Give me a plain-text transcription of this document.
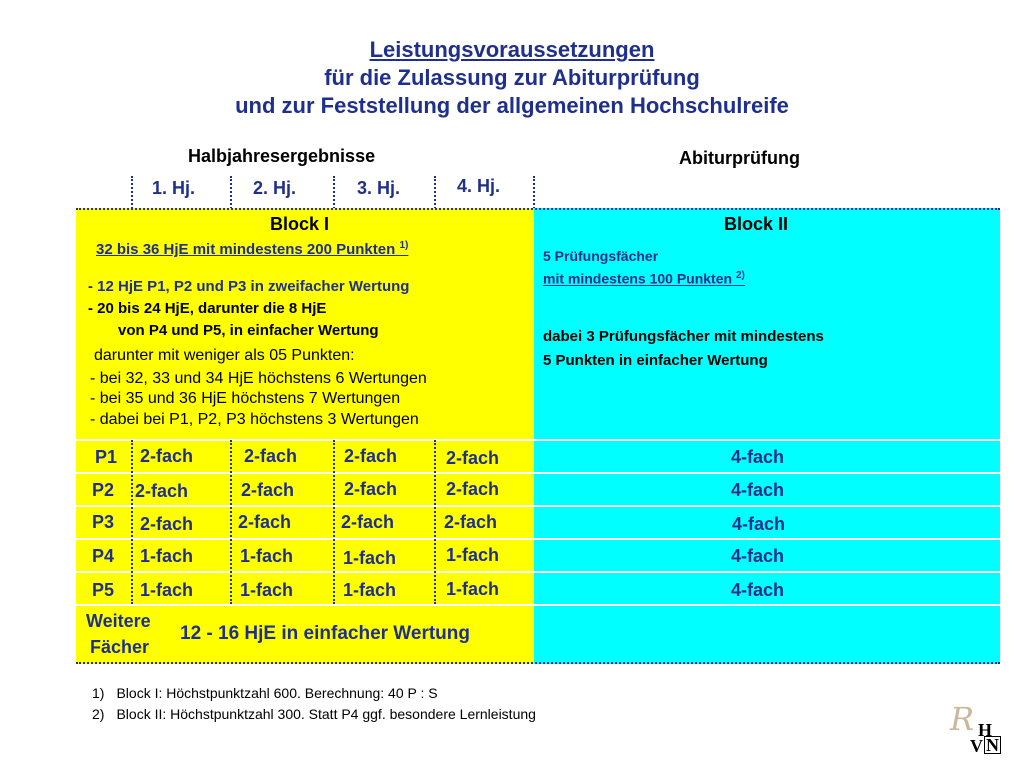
Leistungsvoraussetzungen
für die Zulassung zur Abiturprüfung
und zur Feststellung der allgemeinen Hochschulreife
Halbjahresergebnisse	Abiturprüfung
1. Hj.	2. Hj.	3. Hj.	4. Hj.
Block I
32 bis 36 HjE mit mindestens 200 Punkten $^{1)}$
- 12 HjE P1, P2 und P3 in zweifacher Wertung
- 20 bis 24 HjE, darunter die 8 HjE
von P4 und P5, in einfacher Wertung
darunter mit weniger als 05 Punkten:
- bei 32, 33 und 34 HjE höchstens 6 Wertungen
- bei 35 und 36 HjE höchstens 7 Wertungen
- dabei bei P1, P2, P3 höchstens 3 Wertungen
Block II
5 Prüfungsfächer
mit mindestens 100 Punkten $^{2)}$
dabei 3 Prüfungsfächer mit mindestens
5 Punkten in einfacher Wertung
P1 2-fach	2-fach	2-fach	2-fach	4-fach
P2 2-fach	2-fach	2-fach	2-fach	4-fach
P3 2-fach 2-fach	2-fach	2-fach	4-fach
P4 1-fach	1-fach	1-fach	1-fach	4-fach
P5 1-fach	1-fach	1-fach	1-fach	4-fach
Weitere
Fächer
12 - 16 HjE in einfacher Wertung
1) Block I: Höchstpunktzahl 600. Berechnung: 40 P : S
2) Block II: Höchstpunktzahl 300. Statt P4 ggf. besondere Lernleistung	R H
V N
